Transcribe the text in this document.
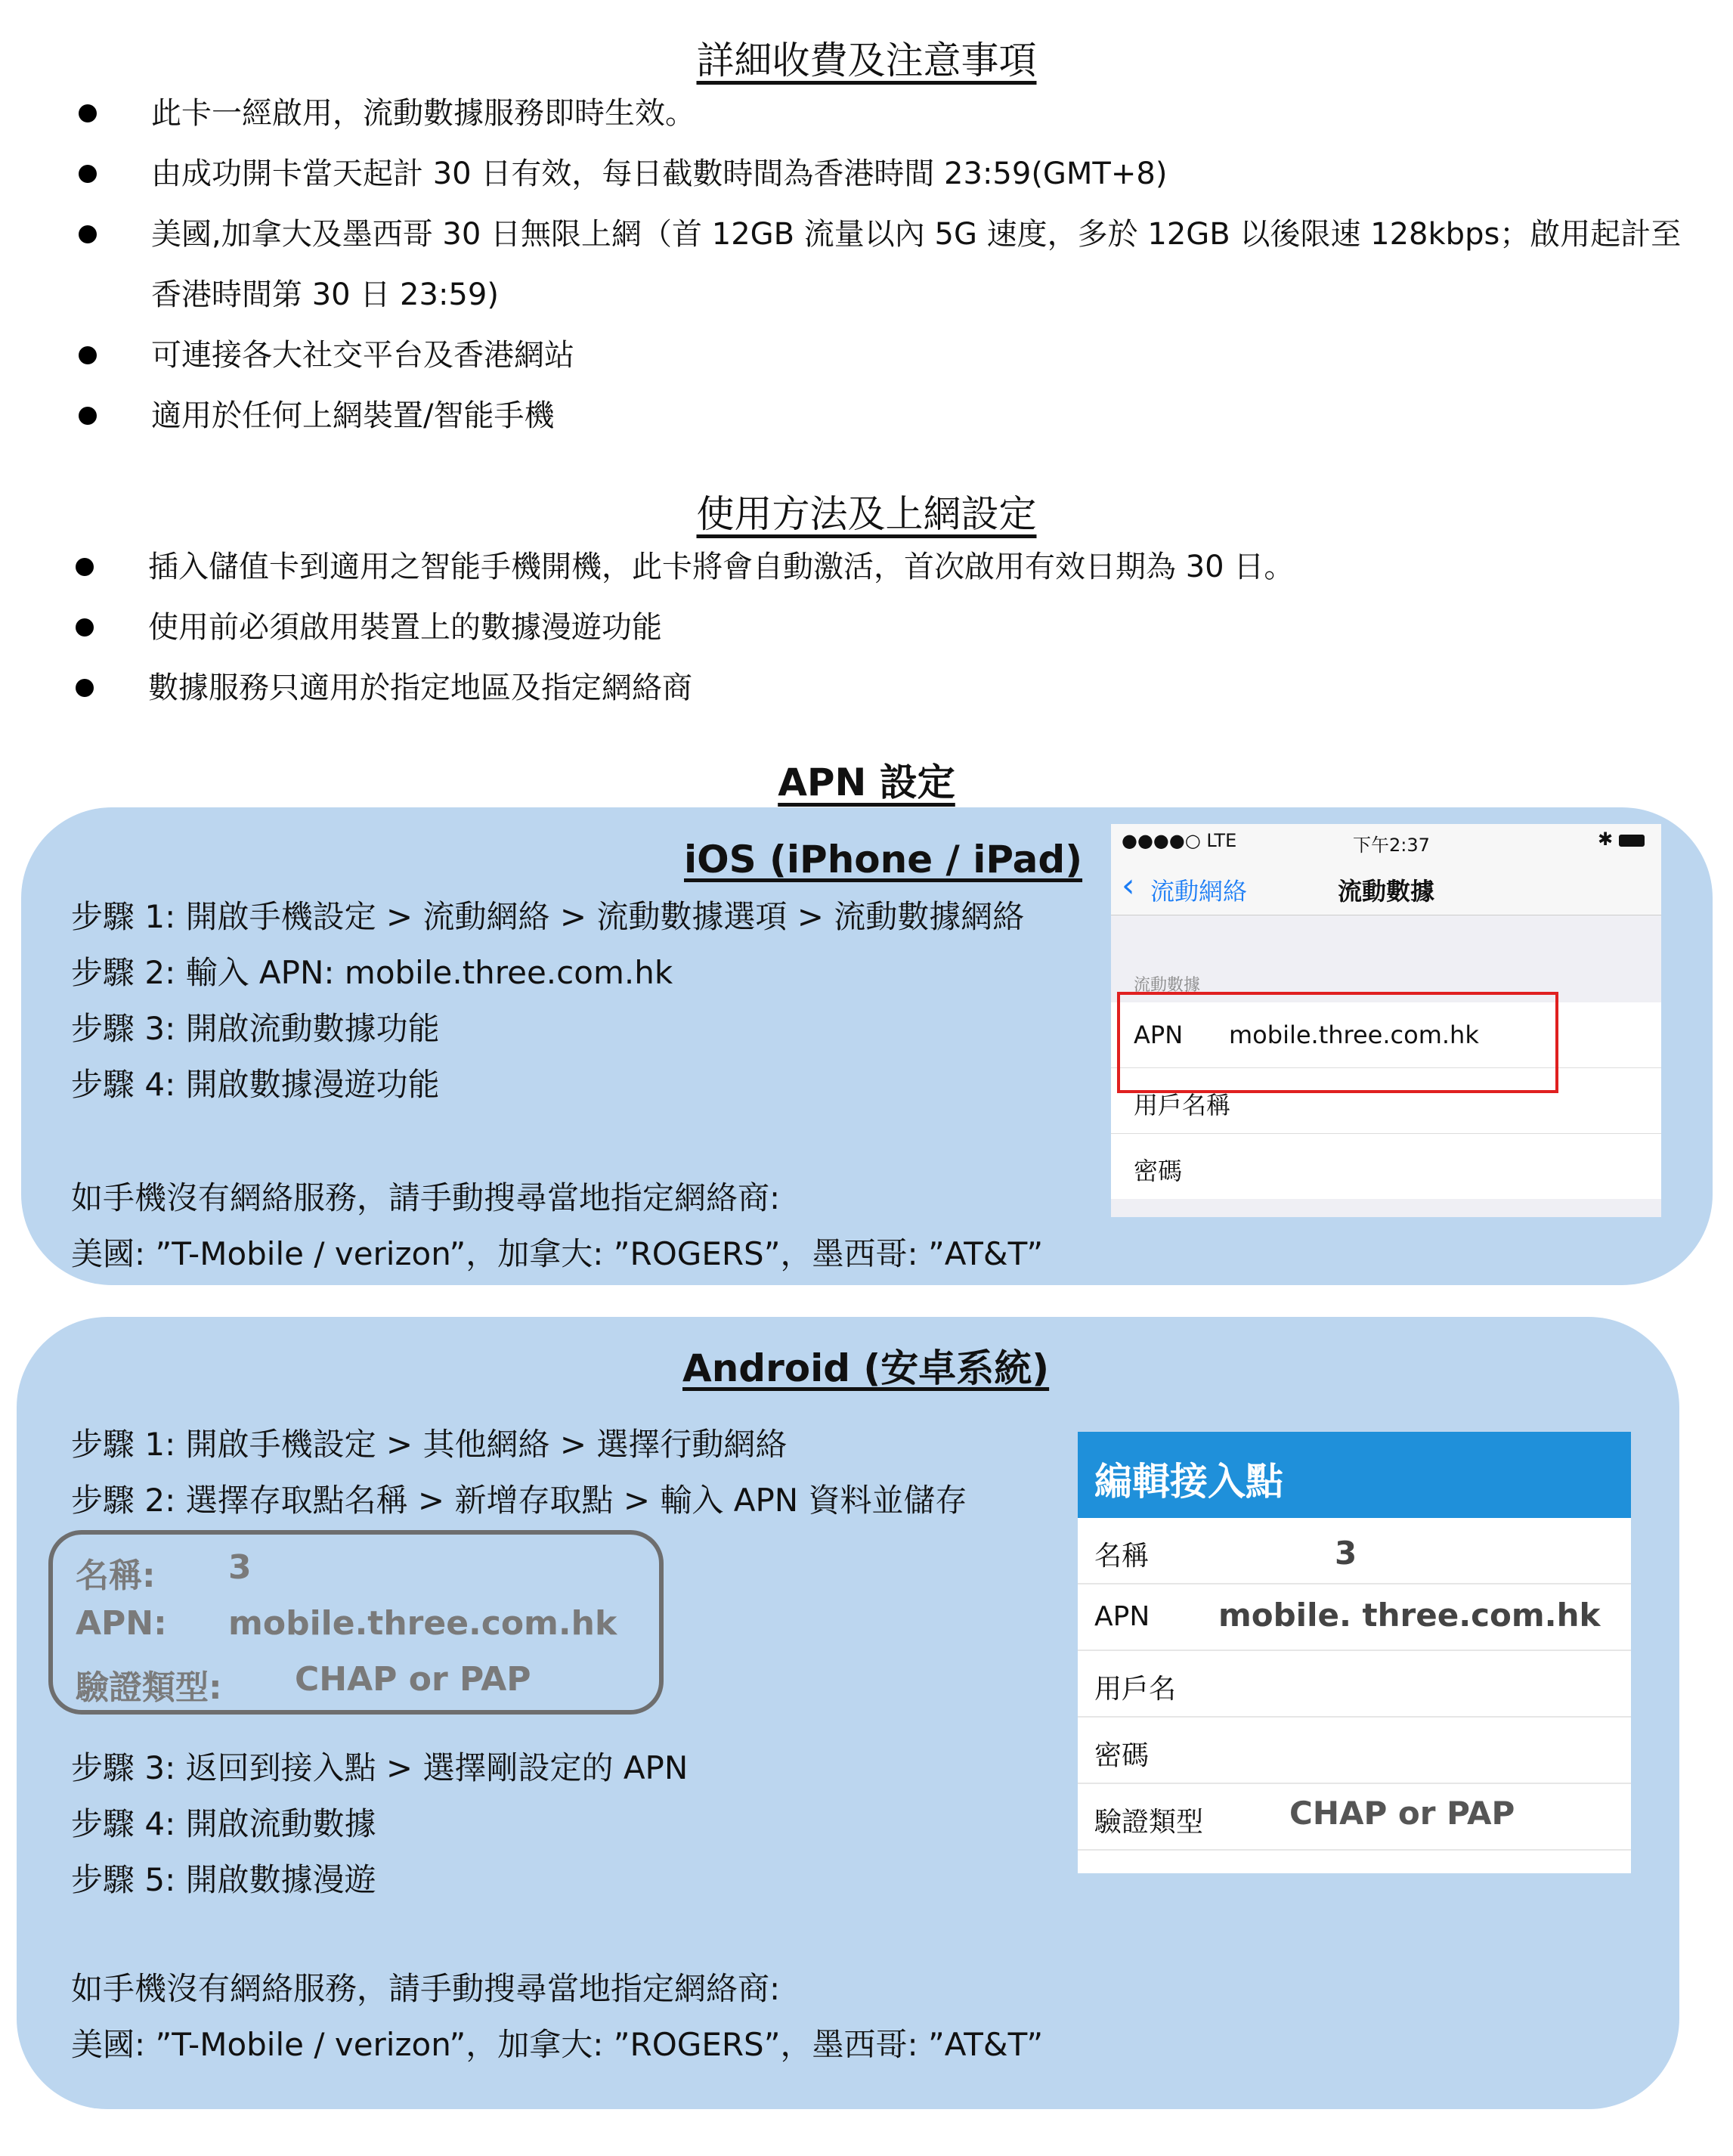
詳細收費及注意事項
此卡一經啟用，流動數據服務即時生效。
由成功開卡當天起計 30 日有效，每日截數時間為香港時間 23:59(GMT+8)
美國,加拿大及墨西哥 30 日無限上網（首 12GB 流量以內 5G 速度，多於 12GB 以後限速 128kbps；啟用起計至香港時間第 30 日 23:59)
可連接各大社交平台及香港網站
適用於任何上網裝置/智能手機
使用方法及上網設定
插入儲值卡到適用之智能手機開機，此卡將會自動激活，首次啟用有效日期為 30 日。
使用前必須啟用裝置上的數據漫遊功能
數據服務只適用於指定地區及指定網絡商
APN 設定
iOS (iPhone / iPad)
步驟 1: 開啟手機設定 > 流動網絡 > 流動數據選項 > 流動數據網絡
步驟 2: 輸入 APN: mobile.three.com.hk
步驟 3: 開啟流動數據功能
步驟 4: 開啟數據漫遊功能
如手機沒有網絡服務，請手動搜尋當地指定網絡商:
美國: ”T-Mobile / verizon”，加拿大: ”ROGERS”，墨西哥: ”AT&T”
●●●●○ LTE	下午2:37	✱
‹ 流動網絡	流動數據
流動數據
APN mobile.three.com.hk
用戶名稱
密碼
Android (安卓系統)
步驟 1: 開啟手機設定 > 其他網絡 > 選擇行動網絡
步驟 2: 選擇存取點名稱 > 新增存取點 > 輸入 APN 資料並儲存
名稱: 3
APN: mobile.three.com.hk
驗證類型: CHAP or PAP
步驟 3: 返回到接入點 > 選擇剛設定的 APN
步驟 4: 開啟流動數據
步驟 5: 開啟數據漫遊
如手機沒有網絡服務，請手動搜尋當地指定網絡商:
美國: ”T-Mobile / verizon”，加拿大: ”ROGERS”，墨西哥: ”AT&T”
編輯接入點
名稱	3
APN mobile. three.com.hk
用戶名
密碼
驗證類型	CHAP or PAP
